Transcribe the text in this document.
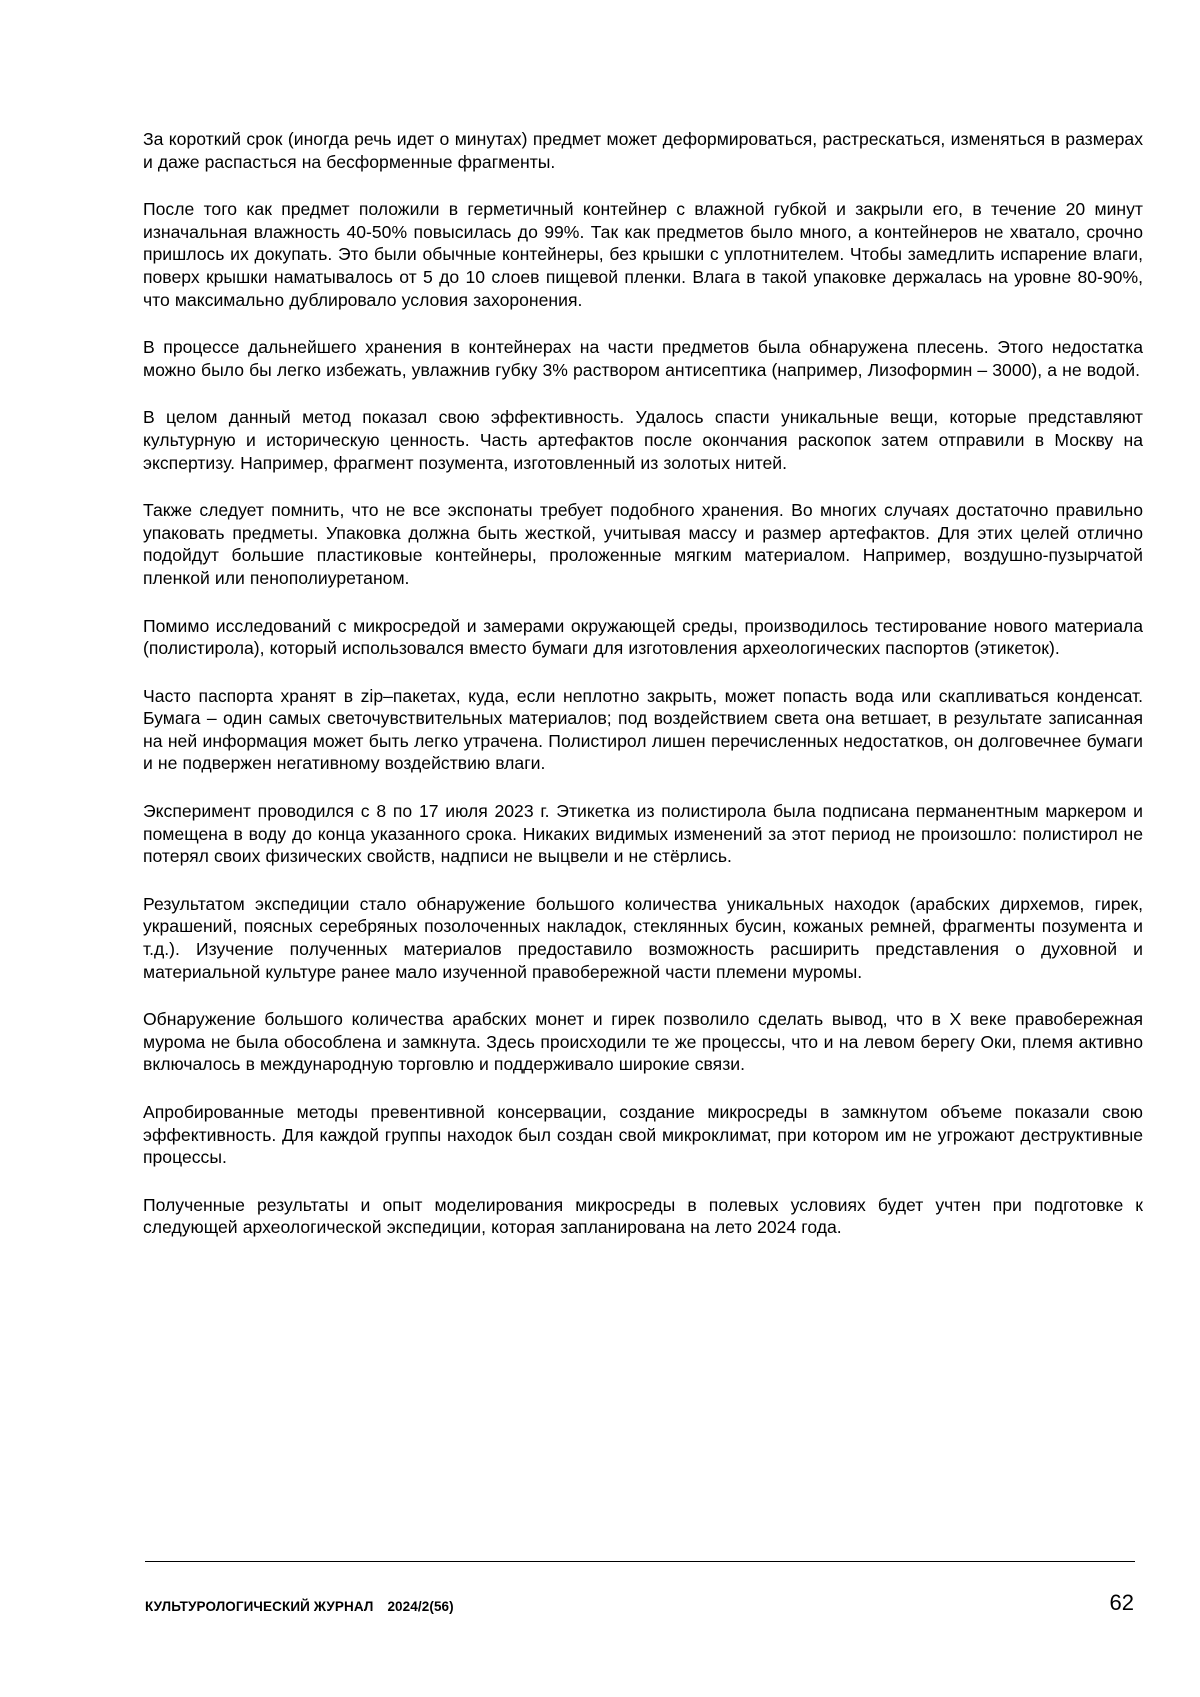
За короткий срок (иногда речь идет о минутах) предмет может деформироваться, растрескаться, изменяться в размерах и даже распасться на бесформенные фрагменты.

После того как предмет положили в герметичный контейнер с влажной губкой и закрыли его, в течение 20 минут изначальная влажность 40-50% повысилась до 99%. Так как предметов было много, а контейнеров не хватало, срочно пришлось их докупать. Это были обычные контейнеры, без крышки с уплотнителем. Чтобы замедлить испарение влаги, поверх крышки наматывалось от 5 до 10 слоев пищевой пленки. Влага в такой упаковке держалась на уровне 80-90%, что максимально дублировало условия захоронения.

В процессе дальнейшего хранения в контейнерах на части предметов была обнаружена плесень. Этого недостатка можно было бы легко избежать, увлажнив губку 3% раствором антисептика (например, Лизоформин – 3000), а не водой.

В целом данный метод показал свою эффективность. Удалось спасти уникальные вещи, которые представляют культурную и историческую ценность. Часть артефактов после окончания раскопок затем отправили в Москву на экспертизу. Например, фрагмент позумента, изготовленный из золотых нитей.

Также следует помнить, что не все экспонаты требует подобного хранения. Во многих случаях достаточно правильно упаковать предметы. Упаковка должна быть жесткой, учитывая массу и размер артефактов. Для этих целей отлично подойдут большие пластиковые контейнеры, проложенные мягким материалом. Например, воздушно-пузырчатой пленкой или пенополиуретаном.

Помимо исследований с микросредой и замерами окружающей среды, производилось тестирование нового материала (полистирола), который использовался вместо бумаги для изготовления археологических паспортов (этикеток).

Часто паспорта хранят в zip–пакетах, куда, если неплотно закрыть, может попасть вода или скапливаться конденсат. Бумага – один самых светочувствительных материалов; под воздействием света она ветшает, в результате записанная на ней информация может быть легко утрачена. Полистирол лишен перечисленных недостатков, он долговечнее бумаги и не подвержен негативному воздействию влаги.

Эксперимент проводился с 8 по 17 июля 2023 г. Этикетка из полистирола была подписана перманентным маркером и помещена в воду до конца указанного срока. Никаких видимых изменений за этот период не произошло: полистирол не потерял своих физических свойств, надписи не выцвели и не стёрлись.

Результатом экспедиции стало обнаружение большого количества уникальных находок (арабских дирхемов, гирек, украшений, поясных серебряных позолоченных накладок, стеклянных бусин, кожаных ремней, фрагменты позумента и т.д.). Изучение полученных материалов предоставило возможность расширить представления о духовной и материальной культуре ранее мало изученной правобережной части племени муромы.

Обнаружение большого количества арабских монет и гирек позволило сделать вывод, что в Х веке правобережная мурома не была обособлена и замкнута. Здесь происходили те же процессы, что и на левом берегу Оки, племя активно включалось в международную торговлю и поддерживало широкие связи.

Апробированные методы превентивной консервации, создание микросреды в замкнутом объеме показали свою эффективность. Для каждой группы находок был создан свой микроклимат, при котором им не угрожают деструктивные процессы.

Полученные результаты и опыт моделирования микросреды в полевых условиях будет учтен при подготовке к следующей археологической экспедиции, которая запланирована на лето 2024 года.

КУЛЬТУРОЛОГИЧЕСКИЙ ЖУРНАЛ 2024/2(56)	62
